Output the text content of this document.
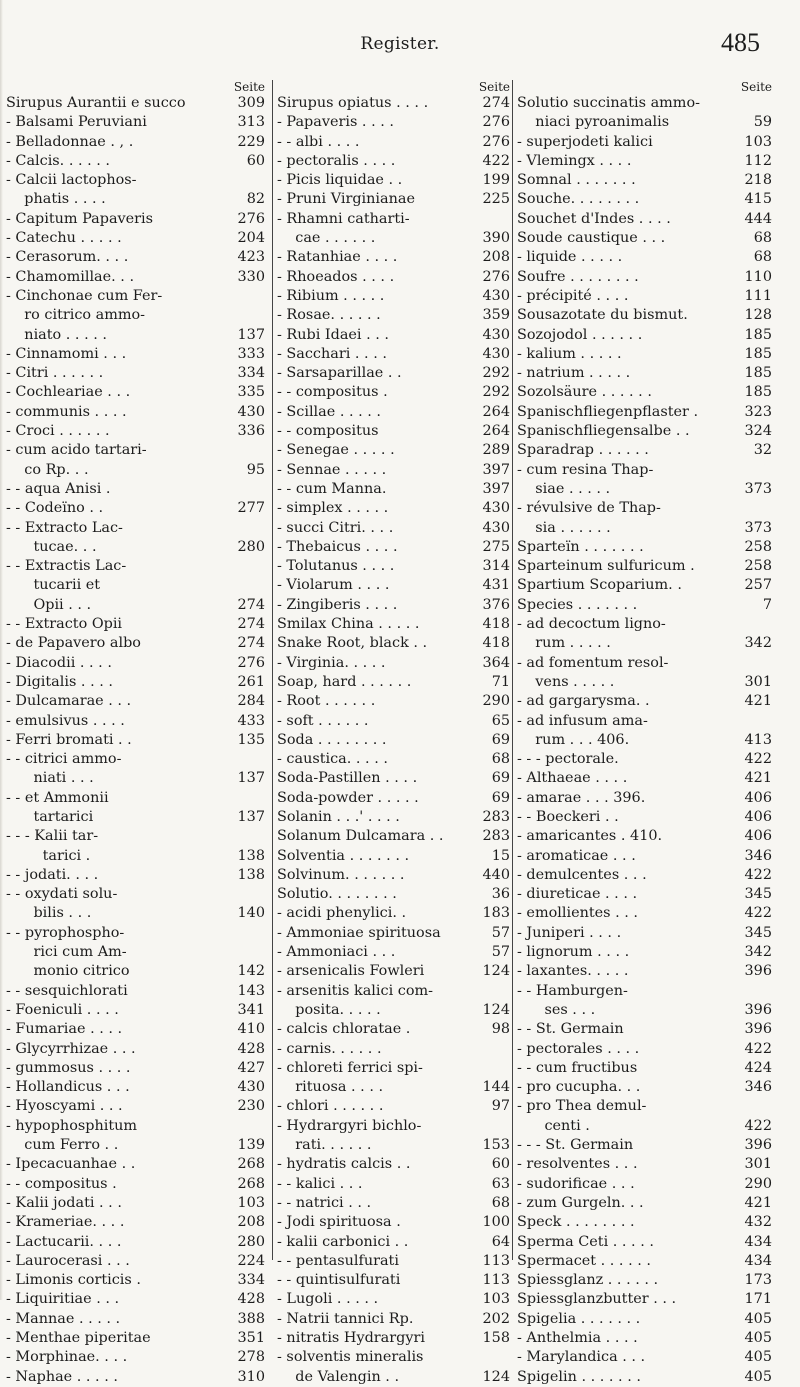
Register.	485
Seite
Sirupus Aurantii e succo	309
- Balsami Peruviani	313
- Belladonnae . , .	229
- Calcis. . . . . .	60
- Calcii lactophos-
phatis . . . .	82
- Capitum Papaveris	276
- Catechu . . . . .	204
- Cerasorum. . . .	423
- Chamomillae. . .	330
- Cinchonae cum Fer-
ro citrico ammo-
niato . . . . .	137
- Cinnamomi . . .	333
- Citri . . . . . .	334
- Cochleariae . . .	335
- communis . . . .	430
- Croci . . . . . .	336
- cum acido tartari-
co Rp. . .	95
- - aqua Anisi .
- - Codeïno . .	277
- - Extracto Lac-
tucae. . .	280
- - Extractis Lac-
tucarii et
Opii . . .	274
- - Extracto Opii	274
- de Papavero albo	274
- Diacodii . . . .	276
- Digitalis . . . .	261
- Dulcamarae . . .	284
- emulsivus . . . .	433
- Ferri bromati . .	135
- - citrici ammo-
niati . . .	137
- - et Ammonii
tartarici	137
- - - Kalii tar-
tarici .	138
- - jodati. . . .	138
- - oxydati solu-
bilis . . .	140
- - pyrophospho-
rici cum Am-
monio citrico	142
- - sesquichlorati	143
- Foeniculi . . . .	341
- Fumariae . . . .	410
- Glycyrrhizae . . .	428
- gummosus . . . .	427
- Hollandicus . . .	430
- Hyoscyami . . .	230
- hypophosphitum
cum Ferro . .	139
- Ipecacuanhae . .	268
- - compositus .	268
- Kalii jodati . . .	103
- Krameriae. . . .	208
- Lactucarii. . . .	280
- Laurocerasi . . .	224
- Limonis corticis .	334
- Liquiritiae . . .	428
- Mannae . . . . .	388
- Menthae piperitae	351
- Morphinae. . . .	278
- Naphae . . . . .	310
Seite
Sirupus opiatus . . . .	274
- Papaveris . . . .	276
- - albi . . . .	276
- pectoralis . . . .	422
- Picis liquidae . .	199
- Pruni Virginianae	225
- Rhamni catharti-
cae . . . . . .	390
- Ratanhiae . . . .	208
- Rhoeados . . . .	276
- Ribium . . . . .	430
- Rosae. . . . . .	359
- Rubi Idaei . . .	430
- Sacchari . . . .	430
- Sarsaparillae . .	292
- - compositus .	292
- Scillae . . . . .	264
- - compositus	264
- Senegae . . . . .	289
- Sennae . . . . .	397
- - cum Manna.	397
- simplex . . . . .	430
- succi Citri. . . .	430
- Thebaicus . . . .	275
- Tolutanus . . . .	314
- Violarum . . . .	431
- Zingiberis . . . .	376
Smilax China . . . . .	418
Snake Root, black . .	418
- Virginia. . . . .	364
Soap, hard . . . . . .	71
- Root . . . . . .	290
- soft . . . . . .	65
Soda . . . . . . . .	69
- caustica. . . . .	68
Soda-Pastillen . . . .	69
Soda-powder . . . . .	69
Solanin . . .' . . . .	283
Solanum Dulcamara . .	283
Solventia . . . . . . .	15
Solvinum. . . . . . .	440
Solutio. . . . . . . .	36
- acidi phenylici. .	183
- Ammoniae spirituosa	57
- Ammoniaci . . .	57
- arsenicalis Fowleri	124
- arsenitis kalici com-
posita. . . . .	124
- calcis chloratae .	98
- carnis. . . . . .
- chloreti ferrici spi-
rituosa . . . .	144
- chlori . . . . . .	97
- Hydrargyri bichlo-
rati. . . . . .	153
- hydratis calcis . .	60
- - kalici . . .	63
- - natrici . . .	68
- Jodi spirituosa .	100
- kalii carbonici . .	64
- - pentasulfurati	113
- - quintisulfurati	113
- Lugoli . . . . .	103
- Natrii tannici Rp.	202
- nitratis Hydrargyri	158
- solventis mineralis
de Valengin . .	124
Seite
Solutio succinatis ammo-
niaci pyroanimalis	59
- superjodeti kalici	103
- Vlemingx . . . .	112
Somnal . . . . . . .	218
Souche. . . . . . . .	415
Souchet d'Indes . . . .	444
Soude caustique . . .	68
- liquide . . . . .	68
Soufre . . . . . . . .	110
- précipité . . . .	111
Sousazotate du bismut.	128
Sozojodol . . . . . .	185
- kalium . . . . .	185
- natrium . . . . .	185
Sozolsäure . . . . . .	185
Spanischfliegenpflaster .	323
Spanischfliegensalbe . .	324
Sparadrap . . . . . .	32
- cum resina Thap-
siae . . . . .	373
- révulsive de Thap-
sia . . . . . .	373
Sparteïn . . . . . . .	258
Sparteinum sulfuricum .	258
Spartium Scoparium. .	257
Species . . . . . . .	7
- ad decoctum ligno-
rum . . . . .	342
- ad fomentum resol-
vens . . . . .	301
- ad gargarysma. .	421
- ad infusum ama-
rum . . . 406.	413
- - - pectorale.	422
- Althaeae . . . .	421
- amarae . . . 396.	406
- - Boeckeri . .	406
- amaricantes . 410.	406
- aromaticae . . .	346
- demulcentes . . .	422
- diureticae . . . .	345
- emollientes . . .	422
- Juniperi . . . .	345
- lignorum . . . .	342
- laxantes. . . . .	396
- - Hamburgen-
ses . . .	396
- - St. Germain	396
- pectorales . . . .	422
- - cum fructibus	424
- pro cucupha. . .	346
- pro Thea demul-
centi .	422
- - - St. Germain	396
- resolventes . . .	301
- sudorificae . . .	290
- zum Gurgeln. . .	421
Speck . . . . . . . .	432
Sperma Ceti . . . . .	434
Spermacet . . . . . .	434
Spiessglanz . . . . . .	173
Spiessglanzbutter . . .	171
Spigelia . . . . . . .	405
- Anthelmia . . . .	405
- Marylandica . . .	405
Spigelin . . . . . . .	405
